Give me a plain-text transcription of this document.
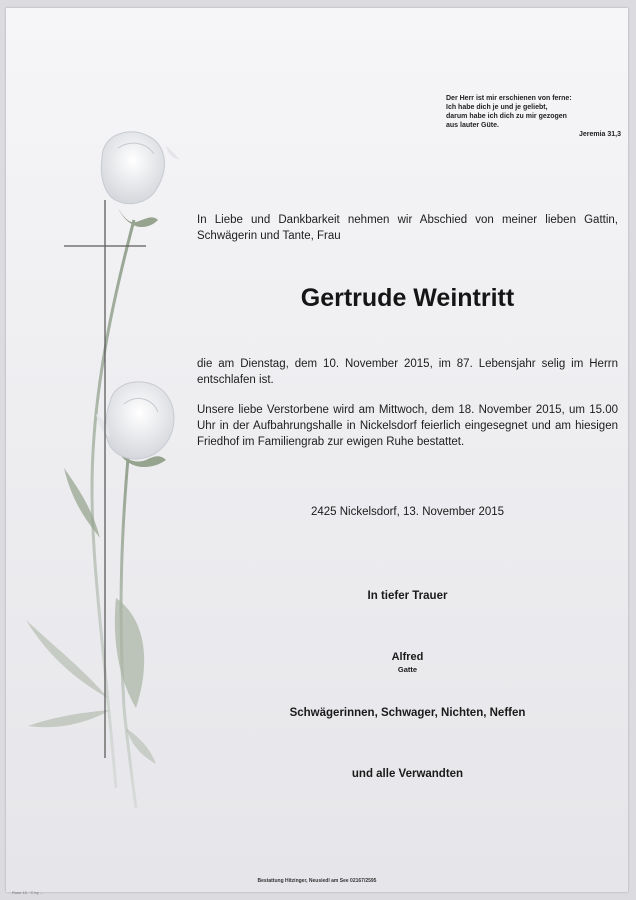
Der Herr ist mir erschienen von ferne:
Ich habe dich je und je geliebt,
darum habe ich dich zu mir gezogen
aus lauter Güte.
Jeremia 31,3
In Liebe und Dankbarkeit nehmen wir Abschied von meiner lieben Gattin, Schwägerin und Tante, Frau
Gertrude Weintritt
die am Dienstag, dem 10. November 2015, im 87. Lebensjahr selig im Herrn entschlafen ist.
Unsere liebe Verstorbene wird am Mittwoch, dem 18. November 2015, um 15.00 Uhr in der Aufbahrungshalle in Nickelsdorf feierlich eingesegnet und am hiesigen Friedhof im Familiengrab zur ewigen Ruhe bestattet.
2425 Nickelsdorf, 13. November 2015
In tiefer Trauer
Alfred
Gatte
Schwägerinnen, Schwager, Nichten, Neffen
und alle Verwandten
Bestattung Hitzinger, Neusiedl am See 02167/2595
Rose 15 · © by ...
